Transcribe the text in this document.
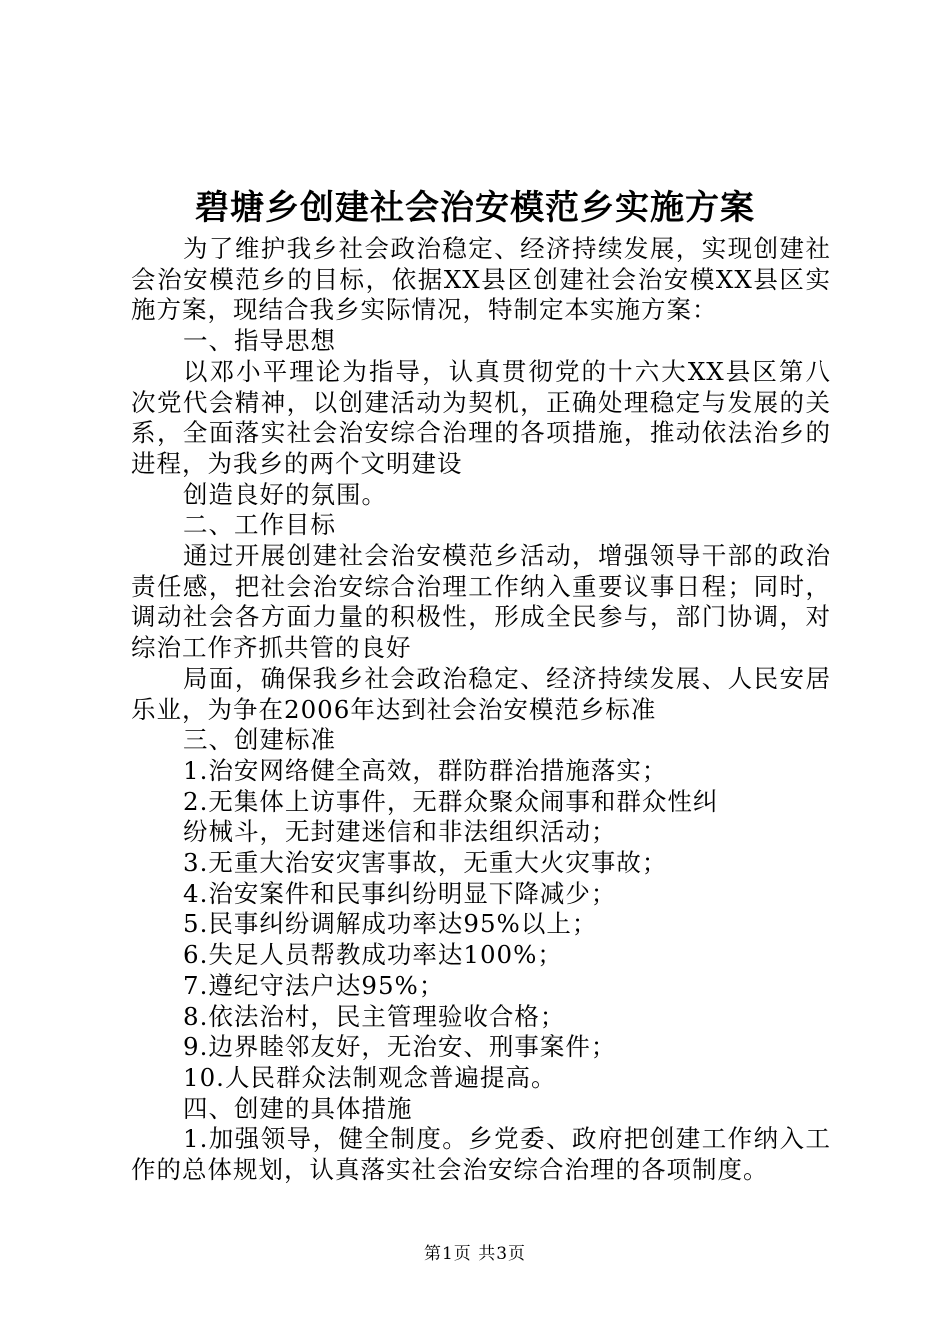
碧塘乡创建社会治安模范乡实施方案

为了维护我乡社会政治稳定、经济持续发展，实现创建社会治安模范乡的目标，依据XX县区创建社会治安模XX县区实施方案，现结合我乡实际情况，特制定本实施方案：

一、指导思想

以邓小平理论为指导，认真贯彻党的十六大XX县区第八次党代会精神，以创建活动为契机，正确处理稳定与发展的关系，全面落实社会治安综合治理的各项措施，推动依法治乡的进程，为我乡的两个文明建设

创造良好的氛围。

二、工作目标

通过开展创建社会治安模范乡活动，增强领导干部的政治责任感，把社会治安综合治理工作纳入重要议事日程；同时，调动社会各方面力量的积极性，形成全民参与，部门协调，对综治工作齐抓共管的良好

局面，确保我乡社会政治稳定、经济持续发展、人民安居乐业，为争在2006年达到社会治安模范乡标准

三、创建标准

1.治安网络健全高效，群防群治措施落实；

2.无集体上访事件，无群众聚众闹事和群众性纠

纷械斗，无封建迷信和非法组织活动；

3.无重大治安灾害事故，无重大火灾事故；

4.治安案件和民事纠纷明显下降减少；

5.民事纠纷调解成功率达95%以上；

6.失足人员帮教成功率达100%；

7.遵纪守法户达95%；

8.依法治村，民主管理验收合格；

9.边界睦邻友好，无治安、刑事案件；

10.人民群众法制观念普遍提高。

四、创建的具体措施

1.加强领导，健全制度。乡党委、政府把创建工作纳入工作的总体规划，认真落实社会治安综合治理的各项制度。

第1页 共3页
